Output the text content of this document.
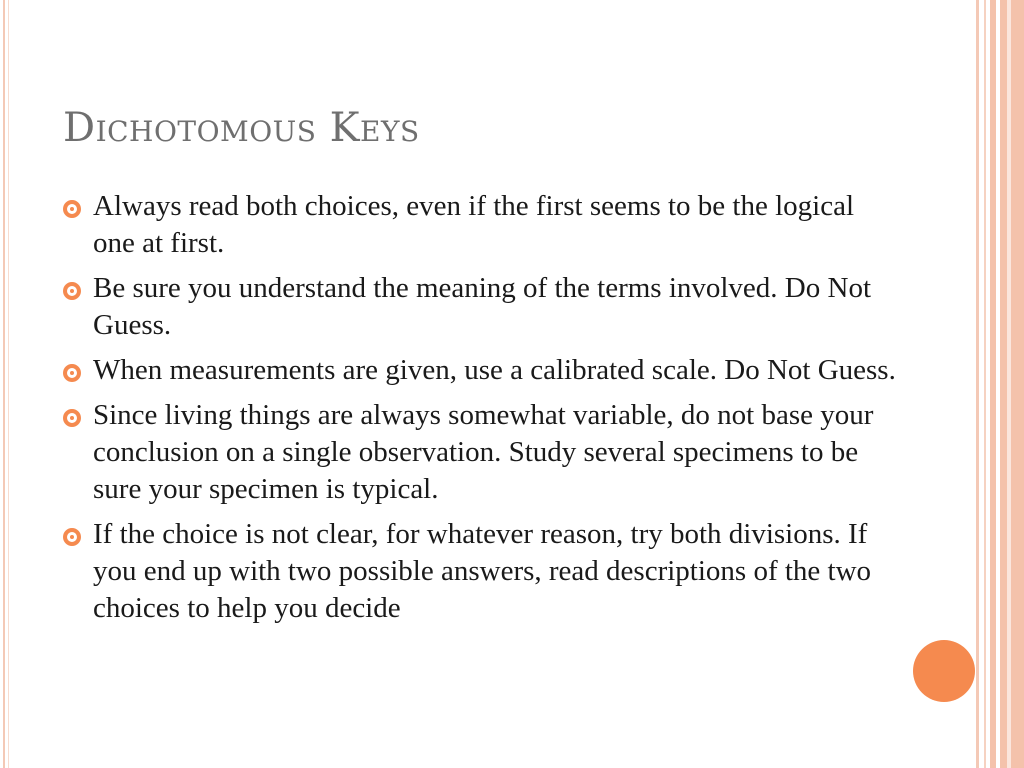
Dichotomous Keys
Always read both choices, even if the first seems to be the logical one at first.
Be sure you understand the meaning of the terms involved. Do Not Guess.
When measurements are given, use a calibrated scale. Do Not Guess.
Since living things are always somewhat variable, do not base your conclusion on a single observation. Study several specimens to be sure your specimen is typical.
If the choice is not clear, for whatever reason, try both divisions. If you end up with two possible answers, read descriptions of the two choices to help you decide
